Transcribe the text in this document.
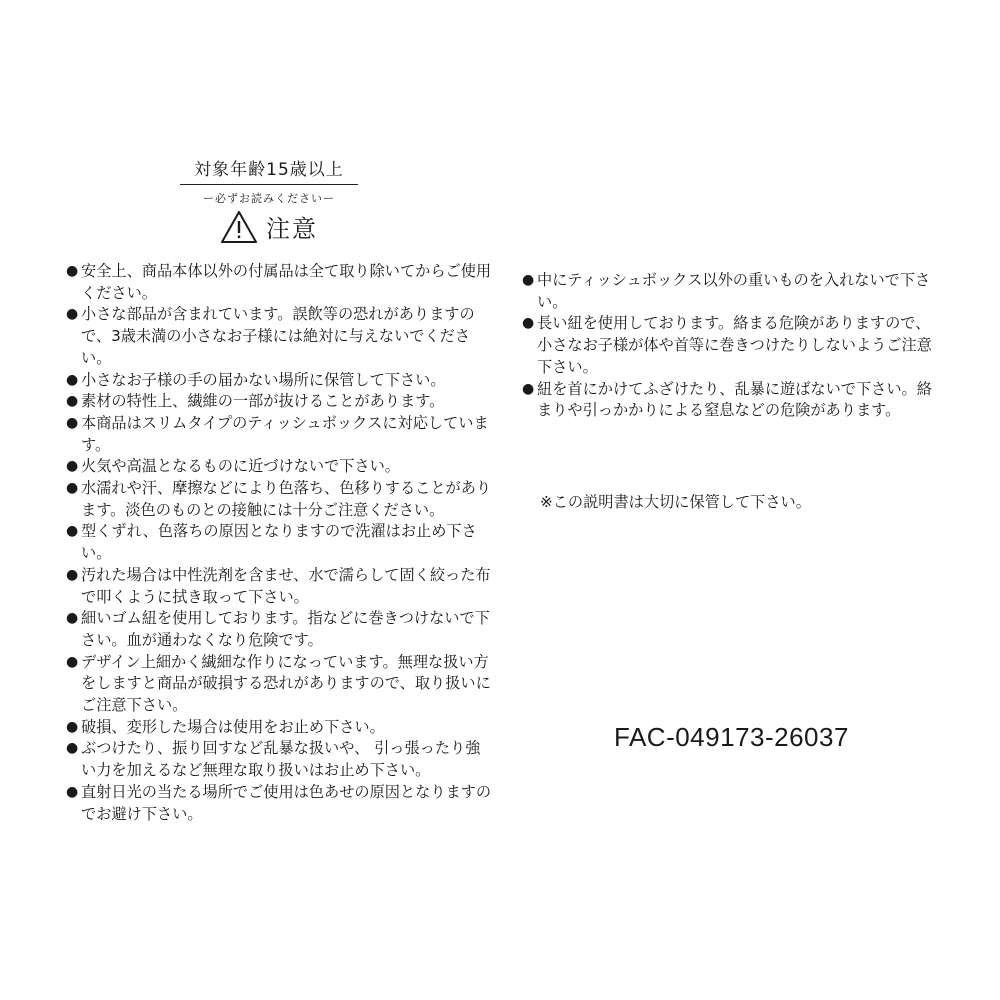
対象年齢15歳以上
ー必ずお読みくださいー
注意
● 安全上、商品本体以外の付属品は全て取り除いてからご使用ください。
● 小さな部品が含まれています。誤飲等の恐れがありますので、3歳未満の小さなお子様には絶対に与えないでください。
● 小さなお子様の手の届かない場所に保管して下さい。
● 素材の特性上、繊維の一部が抜けることがあります。
● 本商品はスリムタイプのティッシュボックスに対応しています。
● 火気や高温となるものに近づけないで下さい。
● 水濡れや汗、摩擦などにより色落ち、色移りすることがあります。淡色のものとの接触には十分ご注意ください。
● 型くずれ、色落ちの原因となりますので洗濯はお止め下さい。
● 汚れた場合は中性洗剤を含ませ、水で濡らして固く絞った布で叩くように拭き取って下さい。
● 細いゴム紐を使用しております。指などに巻きつけないで下さい。血が通わなくなり危険です。
● デザイン上細かく繊細な作りになっています。無理な扱い方をしますと商品が破損する恐れがありますので、取り扱いにご注意下さい。
● 破損、変形した場合は使用をお止め下さい。
● ぶつけたり、振り回すなど乱暴な扱いや、 引っ張ったり強い力を加えるなど無理な取り扱いはお止め下さい。
● 直射日光の当たる場所でご使用は色あせの原因となりますのでお避け下さい。
● 中にティッシュボックス以外の重いものを入れないで下さい。
● 長い紐を使用しております。絡まる危険がありますので、小さなお子様が体や首等に巻きつけたりしないようご注意下さい。
● 紐を首にかけてふざけたり、乱暴に遊ばないで下さい。絡まりや引っかかりによる窒息などの危険があります。
※この説明書は大切に保管して下さい。
FAC-049173-26037
